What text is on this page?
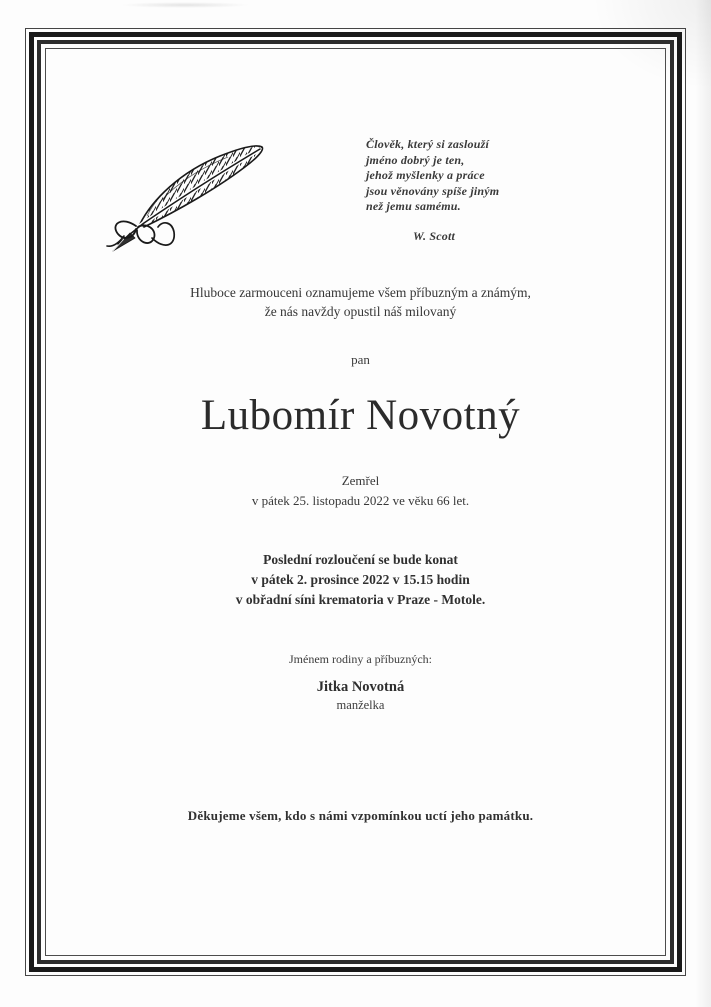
Člověk, který si zaslouží
jméno dobrý je ten,
jehož myšlenky a práce
jsou věnovány spíše jiným
než jemu samému.
W. Scott
Hluboce zarmouceni oznamujeme všem příbuzným a známým,
že nás navždy opustil náš milovaný
pan
Lubomír Novotný
Zemřel
v pátek 25. listopadu 2022 ve věku 66 let.
Poslední rozloučení se bude konat
v pátek 2. prosince 2022 v 15.15 hodin
v obřadní síni krematoria v Praze - Motole.
Jménem rodiny a příbuzných:
Jitka Novotná
manželka
Děkujeme všem, kdo s námi vzpomínkou uctí jeho památku.
